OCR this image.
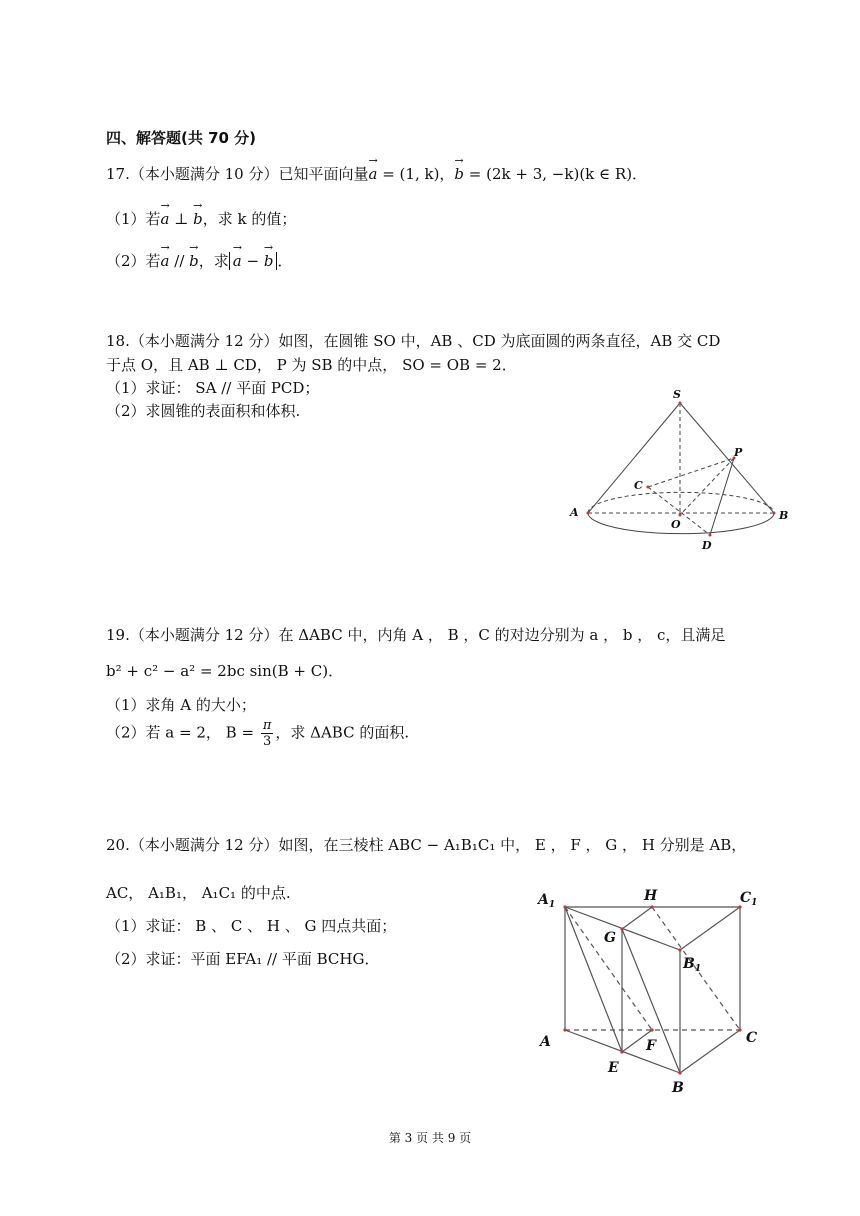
四、解答题(共 70 分)
17.（本小题满分 10 分）已知平面向量→ a = (1, k)，→ b = (2k + 3, −k)(k ∈ R)．
（1）若→ a ⊥ → b，求 k 的值；
（2）若→ a // → b，求→ a − → b ．
18.（本小题满分 12 分）如图，在圆锥 SO 中，AB 、CD 为底面圆的两条直径，AB 交 CD
于点 O，且 AB ⊥ CD， P 为 SB 的中点， SO = OB = 2．
（1）求证： SA // 平面 PCD；
（2）求圆锥的表面积和体积.
S
P
C
A
O
B
D
19.（本小题满分 12 分）在 ΔABC 中，内角 A ， B ，C 的对边分别为 a ， b ， c，且满足
b² + c² − a² = 2bc sin(B + C)．
（1）求角 A 的大小；
（2）若 a = 2， $B = \frac{\pi}{3}$ ，求 ΔABC 的面积.
20.（本小题满分 12 分）如图，在三棱柱 ABC − A₁B₁C₁ 中， E ， F ， G ， H 分别是 AB，
AC， A₁B₁， A₁C₁ 的中点.
（1）求证： B 、 C 、 H 、 G 四点共面；
（2）求证：平面 EFA₁ // 平面 BCHG．
$A_1$
H	$C_1$
G
$B_1$
A	F	C
E
B
第 3 页 共 9 页
